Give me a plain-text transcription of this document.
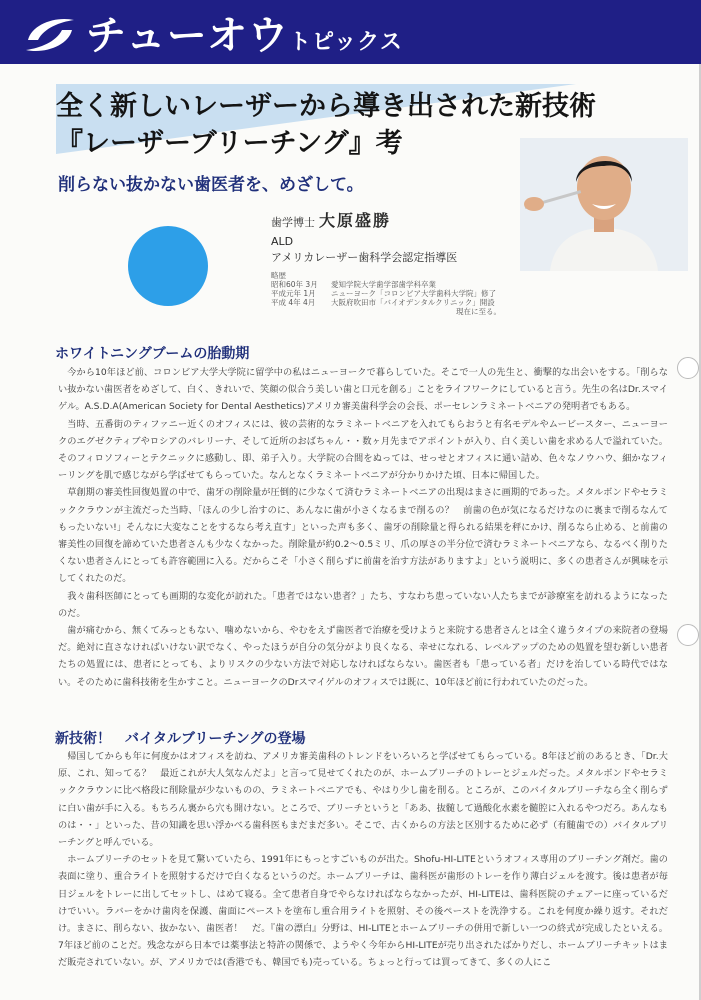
チューオウトピックス
全く新しいレーザーから導き出された新技術
『レーザーブリーチング』考
削らない抜かない歯医者を、めざして。
歯学博士 大原盛勝
ALD
アメリカレーザー歯科学会認定指導医
略歴
昭和60年 3月 愛知学院大学歯学部歯学科卒業
平成元年 1月 ニューヨーク「コロンビア大学歯科大学院」修了
平成 4年 4月 大阪府吹田市「バイオデンタルクリニック」開設
現在に至る。
ホワイトニングブームの胎動期

今から10年ほど前、コロンビア大学大学院に留学中の私はニューヨークで暮らしていた。そこで一人の先生と、衝撃的な出会いをする。「削らない抜かない歯医者をめざして、白く、きれいで、笑顔の似合う美しい歯と口元を創る」ことをライフワークにしていると言う。先生の名はDr.スマイゲル。A.S.D.A(American Society for Dental Aesthetics)アメリカ審美歯科学会の会長、ポーセレンラミネートベニアの発明者でもある。

当時、五番街のティファニー近くのオフィスには、彼の芸術的なラミネートベニアを入れてもらおうと有名モデルやムービースター、ニューヨークのエグゼクティブやロシアのバレリーナ、そして近所のおばちゃん・・数ヶ月先までアポイントが入り、白く美しい歯を求める人で溢れていた。そのフィロソフィーとテクニックに感動し、即、弟子入り。大学院の合間をぬっては、せっせとオフィスに通い詰め、色々なノウハウ、細かなフィーリングを肌で感じながら学ばせてもらっていた。なんとなくラミネートベニアが分かりかけた頃、日本に帰国した。

草創期の審美性回復処置の中で、歯牙の削除量が圧倒的に少なくて済むラミネートベニアの出現はまさに画期的であった。メタルボンドやセラミッククラウンが主流だった当時、「ほんの少し治すのに、あんなに歯が小さくなるまで削るの？　前歯の色が気になるだけなのに裏まで削るなんてもったいない!」そんなに大変なことをするなら考え直す」といった声も多く、歯牙の削除量と得られる結果を秤にかけ、削るなら止める、と前歯の審美性の回復を諦めていた患者さんも少なくなかった。削除量が約0.2～0.5ミリ、爪の厚さの半分位で済むラミネートベニアなら、なるべく削りたくない患者さんにとっても許容範囲に入る。だからこそ「小さく削らずに前歯を治す方法がありますよ」という説明に、多くの患者さんが興味を示してくれたのだ。

我々歯科医師にとっても画期的な変化が訪れた。「患者ではない患者？」たち、すなわち患っていない人たちまでが診療室を訪れるようになったのだ。

歯が痛むから、無くてみっともない、噛めないから、やむをえず歯医者で治療を受けようと来院する患者さんとは全く違うタイプの来院者の登場だ。絶対に直さなければいけない訳でなく、やったほうが自分の気分がより良くなる、幸せになれる、レベルアップのための処置を望む新しい患者たちの処置には、患者にとっても、よりリスクの少ない方法で対応しなければならない。歯医者も「患っている者」だけを治している時代ではない。そのために歯科技術を生かすこと。ニューヨークのDrスマイゲルのオフィスでは既に、10年ほど前に行われていたのだった。

新技術！　バイタルブリーチングの登場

帰国してからも年に何度かはオフィスを訪ね、アメリカ審美歯科のトレンドをいろいろと学ばせてもらっている。8年ほど前のあるとき、「Dr.大原、これ、知ってる？　最近これが大人気なんだよ」と言って見せてくれたのが、ホームブリーチのトレーとジェルだった。メタルボンドやセラミッククラウンに比べ格段に削除量が少ないものの、ラミネートベニアでも、やはり少し歯を削る。ところが、このバイタルブリーチなら全く削らずに白い歯が手に入る。もちろん裏から穴も開けない。ところで、ブリーチというと「ああ、抜髄して過酸化水素を髄腔に入れるやつだろ。あんなものは・・」といった、昔の知識を思い浮かべる歯科医もまだまだ多い。そこで、古くからの方法と区別するために必ず（有髄歯での）バイタルブリーチングと呼んでいる。

ホームブリーチのセットを見て驚いていたら、1991年にもっとすごいものが出た。Shofu-HI-LITEというオフィス専用のブリーチング剤だ。歯の表面に塗り、重合ライトを照射するだけで白くなるというのだ。ホームブリーチは、歯科医が歯形のトレーを作り薄白ジェルを渡す。後は患者が毎日ジェルをトレーに出してセットし、はめて寝る。全て患者自身でやらなければならなかったが、HI-LITEは、歯科医院のチェアーに座っているだけでいい。ラバーをかけ歯肉を保護、歯面にペーストを塗布し重合用ライトを照射、その後ペーストを洗浄する。これを何度か繰り返す。それだけ。まさに、削らない、抜かない、歯医者！　だ。『歯の漂白』分野は、HI-LITEとホームブリーチの併用で新しい一つの終式が完成したといえる。7年ほど前のことだ。残念ながら日本では薬事法と特許の関係で、ようやく今年からHI-LITEが売り出されたばかりだし、ホームブリーチキットはまだ販売されていない。が、アメリカでは(香港でも、韓国でも)売っている。ちょっと行っては買ってきて、多くの人にこ
